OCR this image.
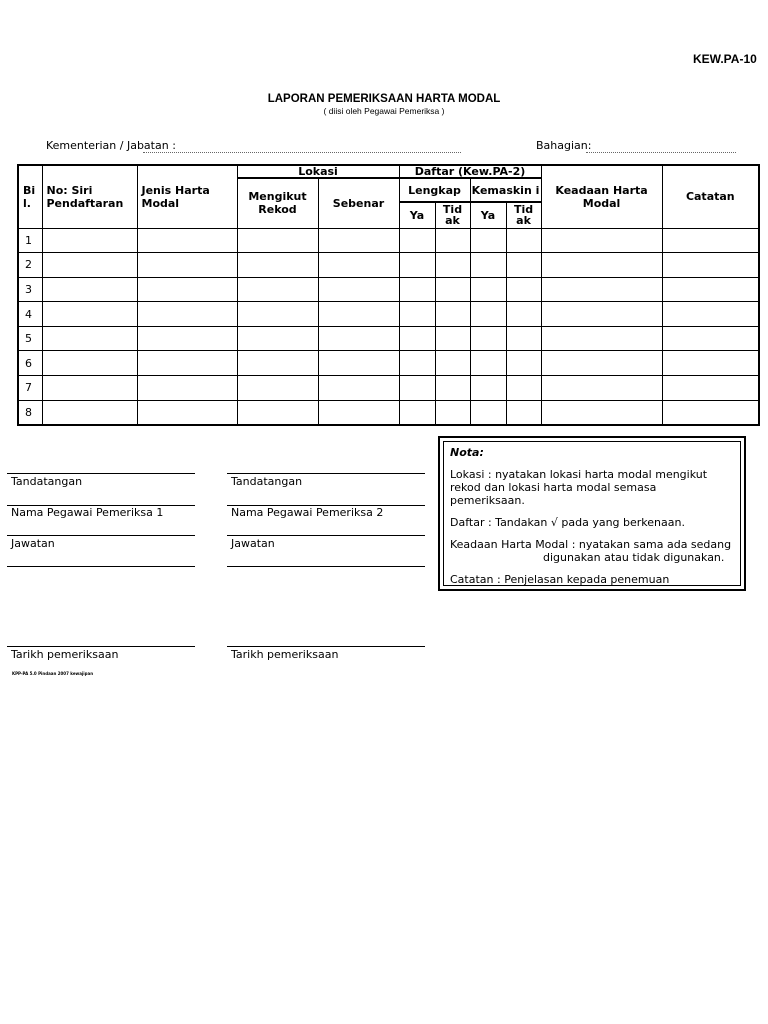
KEW.PA-10
LAPORAN PEMERIKSAAN HARTA MODAL
( diisi oleh Pegawai Pemeriksa )
Kementerian / Jabatan :	Bahagian:
Bi l.	No: Siri Pendaftaran	Jenis Harta Modal	Lokasi		Daftar (Kew.PA-2)				Keadaan Harta Modal	Catatan
			Mengikut Rekod	Sebenar	Lengkap		Kemaskin i			
					Ya	Tid ak	Ya	Tid ak		
1										
2										
3										
4										
5										
6										
7										
8										
Tandatangan
Nama Pegawai Pemeriksa 1
Jawatan
Tarikh pemeriksaan
Tandatangan
Nama Pegawai Pemeriksa 2
Jawatan
Tarikh pemeriksaan

Nota:

Lokasi : nyatakan lokasi harta modal mengikut rekod dan lokasi harta modal semasa pemeriksaan.

Daftar : Tandakan √ pada yang berkenaan.

Keadaan Harta Modal : nyatakan sama ada sedang

digunakan atau tidak digunakan.

Catatan : Penjelasan kepada penemuan

KPP-PA 5.0 Pindaan 2007 kewajipan
